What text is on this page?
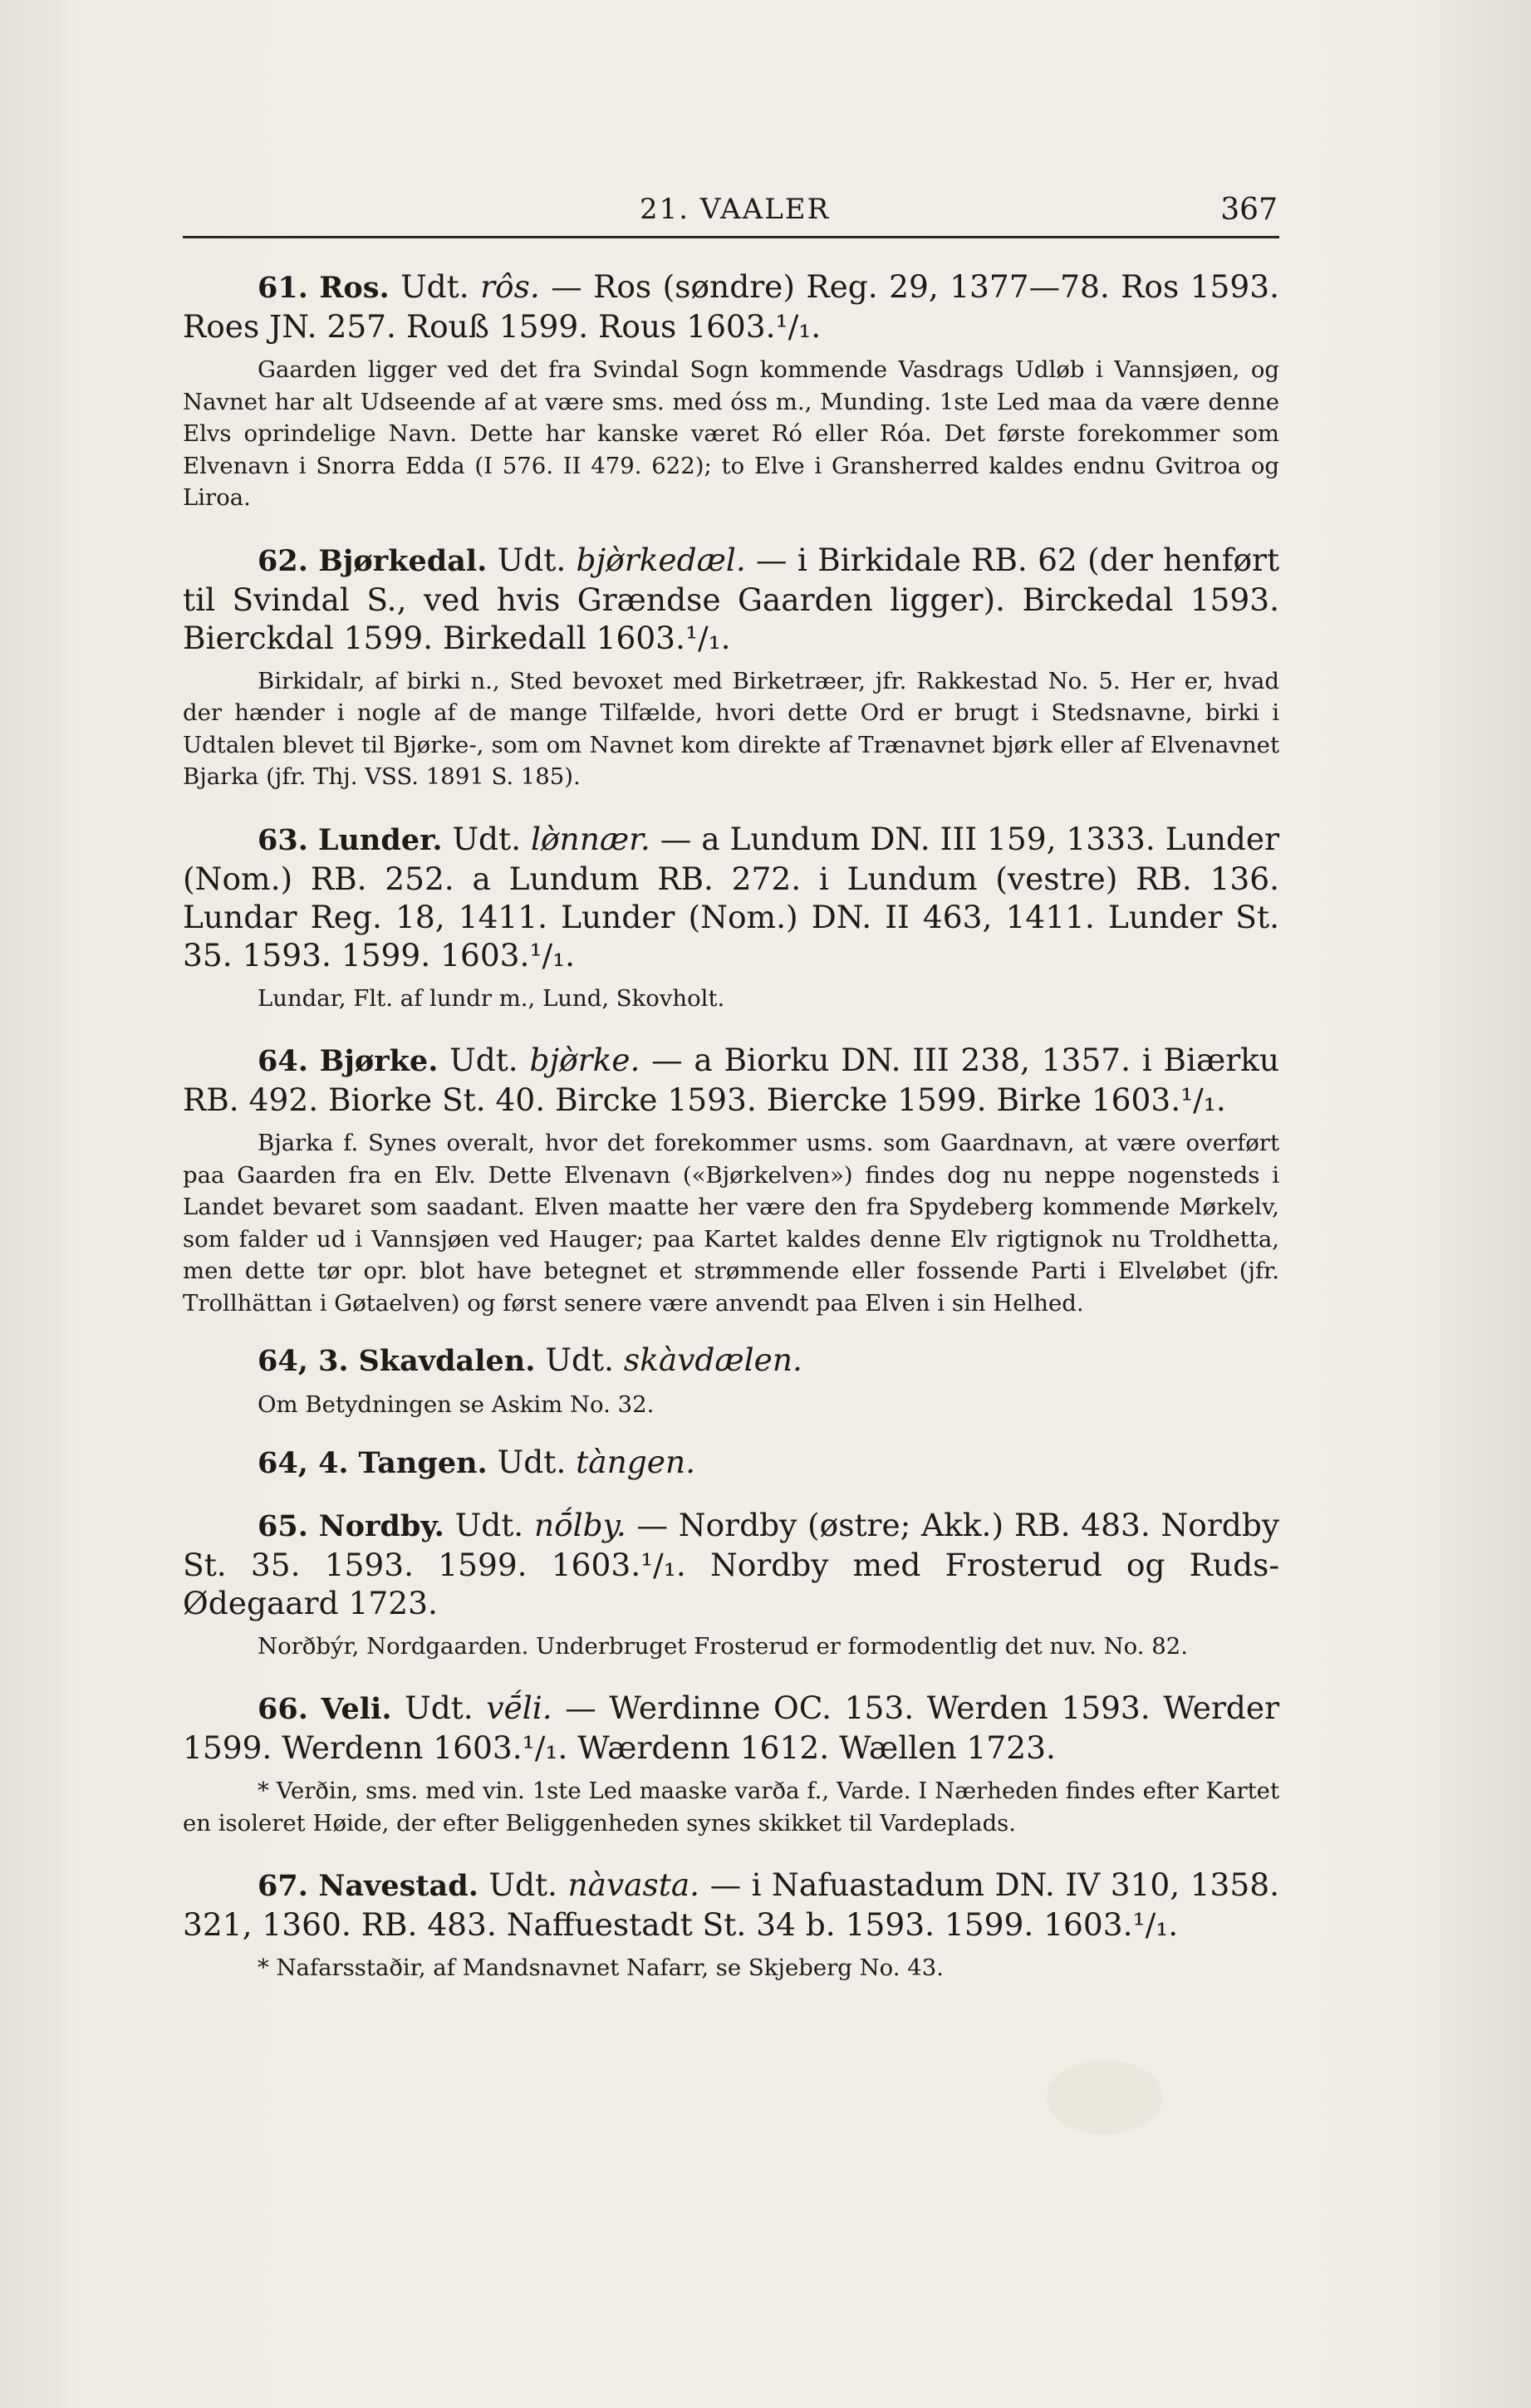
21. VAALER	367

61. Ros. Udt. rôs. — Ros (søndre) Reg. 29, 1377—78. Ros 1593. Roes JN. 257. Rouß 1599. Rous 1603.¹/₁.

Gaarden ligger ved det fra Svindal Sogn kommende Vasdrags Udløb i Vannsjøen, og Navnet har alt Udseende af at være sms. med óss m., Munding. 1ste Led maa da være denne Elvs oprindelige Navn. Dette har kanske været Ró eller Róa. Det første forekommer som Elvenavn i Snorra Edda (I 576. II 479. 622); to Elve i Gransherred kaldes endnu Gvitroa og Liroa.

62. Bjørkedal. Udt. bjø̀rkedæl. — i Birkidale RB. 62 (der henført til Svindal S., ved hvis Grændse Gaarden ligger). Birckedal 1593. Bierckdal 1599. Birkedall 1603.¹/₁.

Birkidalr, af birki n., Sted bevoxet med Birketræer, jfr. Rakkestad No. 5. Her er, hvad der hænder i nogle af de mange Tilfælde, hvori dette Ord er brugt i Stedsnavne, birki i Udtalen blevet til Bjørke-, som om Navnet kom direkte af Trænavnet bjørk eller af Elvenavnet Bjarka (jfr. Thj. VSS. 1891 S. 185).

63. Lunder. Udt. lø̀nnær. — a Lundum DN. III 159, 1333. Lunder (Nom.) RB. 252. a Lundum RB. 272. i Lundum (vestre) RB. 136. Lundar Reg. 18, 1411. Lunder (Nom.) DN. II 463, 1411. Lunder St. 35. 1593. 1599. 1603.¹/₁.

Lundar, Flt. af lundr m., Lund, Skovholt.

64. Bjørke. Udt. bjø̀rke. — a Biorku DN. III 238, 1357. i Biærku RB. 492. Biorke St. 40. Bircke 1593. Biercke 1599. Birke 1603.¹/₁.

Bjarka f. Synes overalt, hvor det forekommer usms. som Gaardnavn, at være overført paa Gaarden fra en Elv. Dette Elvenavn («Bjørkelven») findes dog nu neppe nogensteds i Landet bevaret som saadant. Elven maatte her være den fra Spydeberg kommende Mørkelv, som falder ud i Vannsjøen ved Hauger; paa Kartet kaldes denne Elv rigtignok nu Troldhetta, men dette tør opr. blot have betegnet et strømmende eller fossende Parti i Elveløbet (jfr. Trollhättan i Gøtaelven) og først senere være anvendt paa Elven i sin Helhed.

64, 3. Skavdalen. Udt. skàvdælen.

Om Betydningen se Askim No. 32.

64, 4. Tangen. Udt. tàngen.

65. Nordby. Udt. nṓlby. — Nordby (østre; Akk.) RB. 483. Nordby St. 35. 1593. 1599. 1603.¹/₁. Nordby med Frosterud og Ruds-Ødegaard 1723.

Norðbýr, Nordgaarden. Underbruget Frosterud er formodentlig det nuv. No. 82.

66. Veli. Udt. vḗli. — Werdinne OC. 153. Werden 1593. Werder 1599. Werdenn 1603.¹/₁. Wærdenn 1612. Wællen 1723.

* Verðin, sms. med vin. 1ste Led maaske varða f., Varde. I Nærheden findes efter Kartet en isoleret Høide, der efter Beliggenheden synes skikket til Vardeplads.

67. Navestad. Udt. nàvasta. — i Nafuastadum DN. IV 310, 1358. 321, 1360. RB. 483. Naffuestadt St. 34 b. 1593. 1599. 1603.¹/₁.

* Nafarsstaðir, af Mandsnavnet Nafarr, se Skjeberg No. 43.
